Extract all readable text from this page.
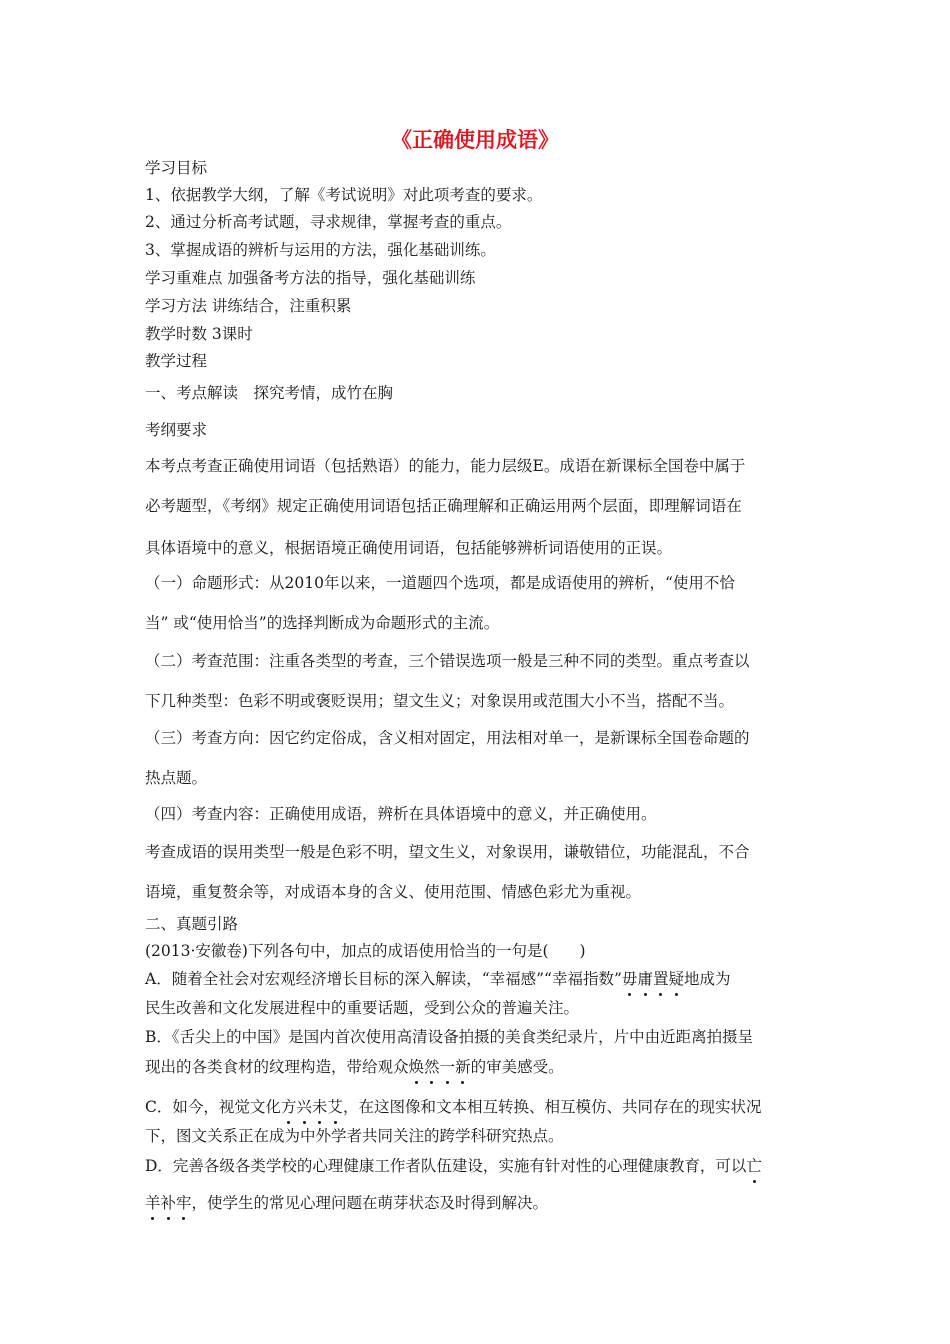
《正确使用成语》
学习目标
1、依据教学大纲，了解《考试说明》对此项考查的要求。
2、通过分析高考试题，寻求规律，掌握考查的重点。
3、掌握成语的辨析与运用的方法，强化基础训练。
学习重难点 加强备考方法的指导，强化基础训练
学习方法 讲练结合，注重积累
教学时数 3课时
教学过程
一、考点解读　探究考情，成竹在胸
考纲要求
本考点考查正确使用词语（包括熟语）的能力，能力层级E。成语在新课标全国卷中属于
必考题型，《考纲》规定正确使用词语包括正确理解和正确运用两个层面，即理解词语在
具体语境中的意义，根据语境正确使用词语，包括能够辨析词语使用的正误。
（一）命题形式：从2010年以来，一道题四个选项，都是成语使用的辨析，“使用不恰
当” 或“使用恰当”的选择判断成为命题形式的主流。
（二）考查范围：注重各类型的考查，三个错误选项一般是三种不同的类型。重点考查以
下几种类型：色彩不明或褒贬误用；望文生义；对象误用或范围大小不当，搭配不当。
（三）考查方向：因它约定俗成，含义相对固定，用法相对单一，是新课标全国卷命题的
热点题。
（四）考查内容：正确使用成语，辨析在具体语境中的意义，并正确使用。
考查成语的误用类型一般是色彩不明，望文生义，对象误用，谦敬错位，功能混乱，不合
语境，重复赘余等，对成语本身的含义、使用范围、情感色彩尤为重视。
二、真题引路
(2013·安徽卷)下列各句中，加点的成语使用恰当的一句是(　　)
A．随着全社会对宏观经济增长目标的深入解读，“幸福感”“幸福指数”毋庸置疑地成为
民生改善和文化发展进程中的重要话题，受到公众的普遍关注。
B．《舌尖上的中国》是国内首次使用高清设备拍摄的美食类纪录片，片中由近距离拍摄呈
现出的各类食材的纹理构造，带给观众焕然一新的审美感受。
C．如今，视觉文化方兴未艾，在这图像和文本相互转换、相互模仿、共同存在的现实状况
下，图文关系正在成为中外学者共同关注的跨学科研究热点。
D．完善各级各类学校的心理健康工作者队伍建设，实施有针对性的心理健康教育，可以亡
羊补牢，使学生的常见心理问题在萌芽状态及时得到解决。
